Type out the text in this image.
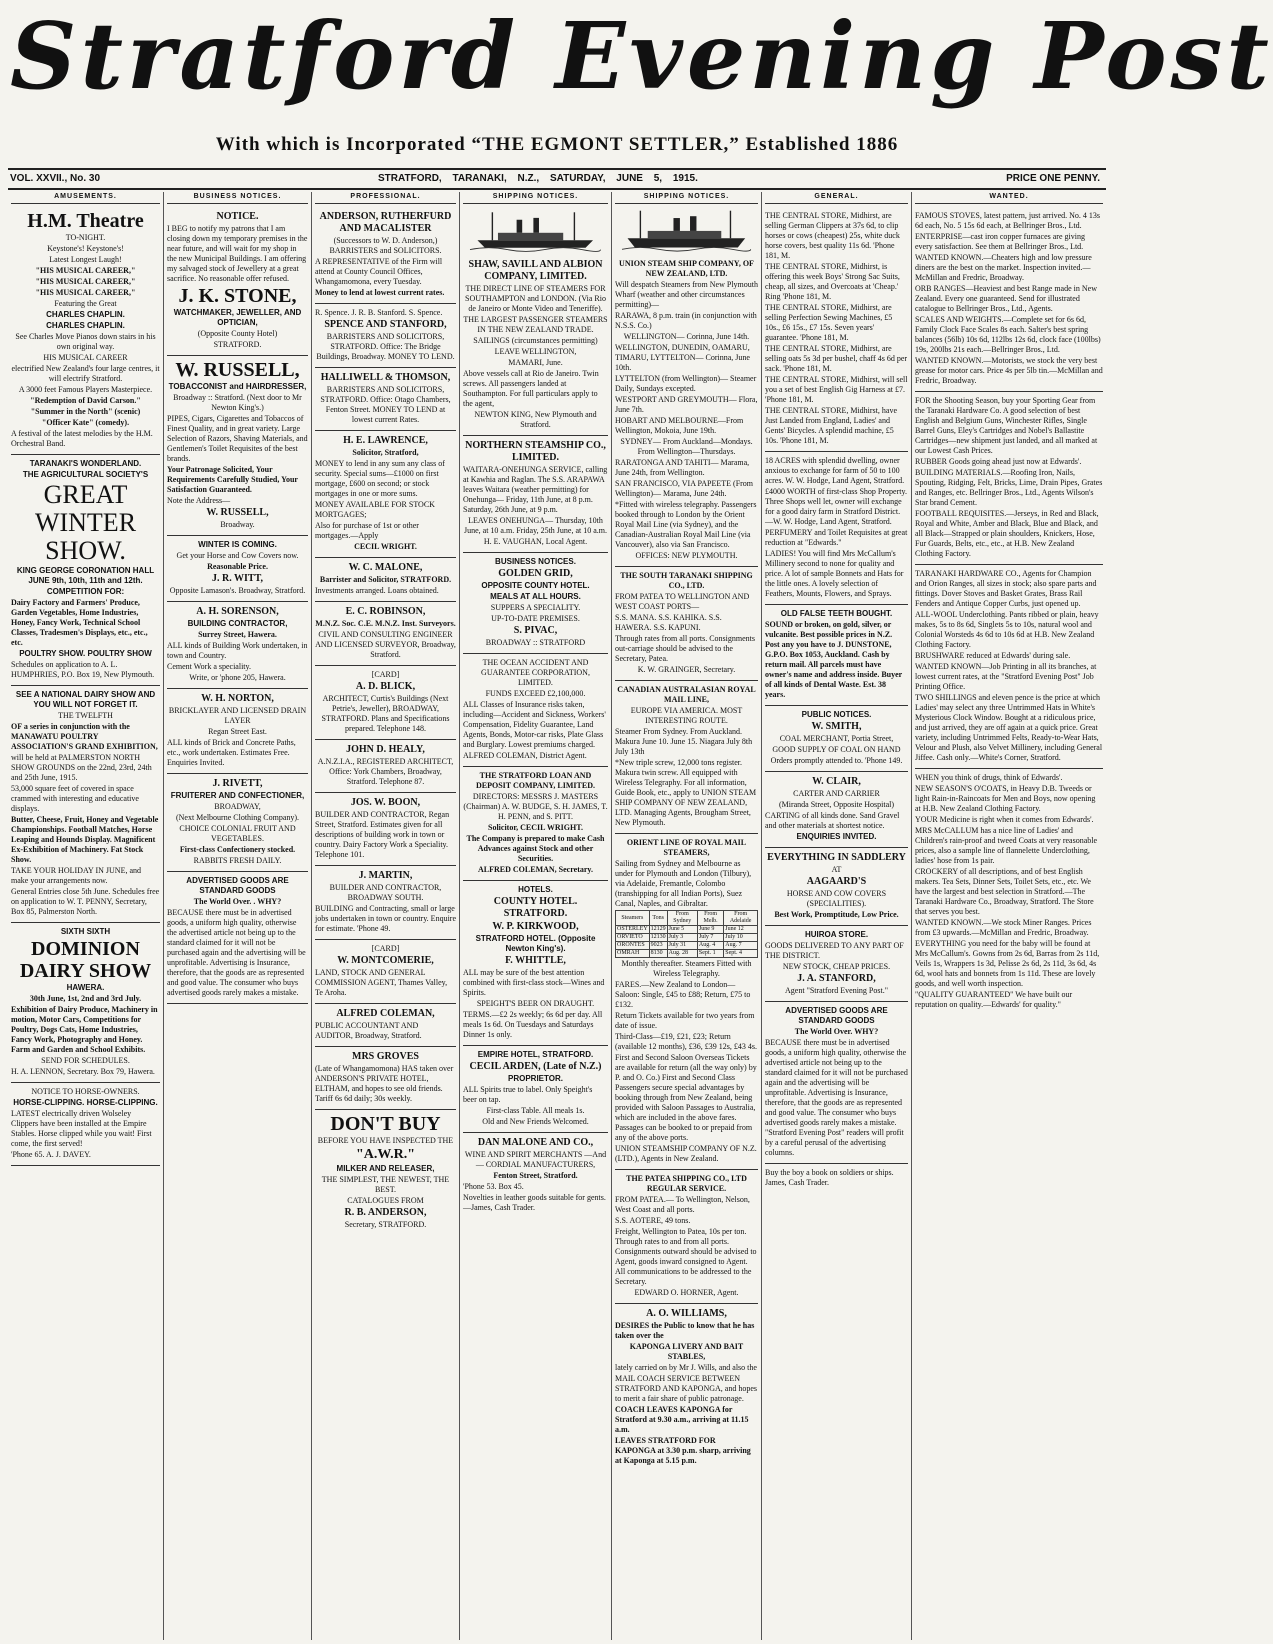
Stratford Evening Post
With which is Incorporated “THE EGMONT SETTLER,” Established 1886
VOL. XXVII., No. 30	STRATFORD, TARANAKI, N.Z., SATURDAY, JUNE 5, 1915.	PRICE ONE PENNY.
AMUSEMENTS.
H.M. Theatre

TO-NIGHT.

Keystone's! Keystone's!

Latest Longest Laugh!

"HIS MUSICAL CAREER,"

"HIS MUSICAL CAREER,"

"HIS MUSICAL CAREER,"

Featuring the Great

CHARLES CHAPLIN.

CHARLES CHAPLIN.

See Charles Move Pianos down stairs in his own original way.

HIS MUSICAL CAREER

electrified New Zealand's four large centres, it will electrify Stratford.

A 3000 feet Famous Players Masterpiece.

"Redemption of David Carson."

"Summer in the North" (scenic)

"Officer Kate" (comedy).

A festival of the latest melodies by the H.M. Orchestral Band.

TARANAKI'S WONDERLAND.

THE AGRICULTURAL SOCIETY'S

GREAT WINTER SHOW.

KING GEORGE CORONATION HALL JUNE 9th, 10th, 11th and 12th.

COMPETITION FOR:

Dairy Factory and Farmers' Produce, Garden Vegetables, Home Industries, Honey, Fancy Work, Technical School Classes, Tradesmen's Displays, etc., etc., etc.

POULTRY SHOW. POULTRY SHOW

Schedules on application to A. L. HUMPHRIES, P.O. Box 19, New Plymouth.

SEE A NATIONAL DAIRY SHOW AND YOU WILL NOT FORGET IT.

THE TWELFTH

OF a series in conjunction with the MANAWATU POULTRY ASSOCIATION'S GRAND EXHIBITION,

will be held at PALMERSTON NORTH SHOW GROUNDS on the 22nd, 23rd, 24th and 25th June, 1915.

53,000 square feet of covered in space crammed with interesting and educative displays.

Butter, Cheese, Fruit, Honey and Vegetable Championships. Football Matches, Horse Leaping and Hounds Display. Magnificent Ex-Exhibition of Machinery. Fat Stock Show.

TAKE YOUR HOLIDAY IN JUNE, and make your arrangements now.

General Entries close 5th June. Schedules free on application to W. T. PENNY, Secretary, Box 85, Palmerston North.

SIXTH SIXTH

DOMINION DAIRY SHOW

HAWERA.

30th June, 1st, 2nd and 3rd July.

Exhibition of Dairy Produce, Machinery in motion, Motor Cars, Competitions for Poultry, Dogs Cats, Home Industries, Fancy Work, Photography and Honey. Farm and Garden and School Exhibits.

SEND FOR SCHEDULES.

H. A. LENNON, Secretary. Box 79, Hawera.

NOTICE TO HORSE-OWNERS.

HORSE-CLIPPING. HORSE-CLIPPING.

LATEST electrically driven Wolseley Clippers have been installed at the Empire Stables. Horse clipped while you wait! First come, the first served!

'Phone 65. A. J. DAVEY.

BUSINESS NOTICES.

NOTICE.

I BEG to notify my patrons that I am closing down my temporary premises in the near future, and will wait for my shop in the new Municipal Buildings. I am offering my salvaged stock of Jewellery at a great sacrifice. No reasonable offer refused.

J. K. STONE,

WATCHMAKER, JEWELLER, AND OPTICIAN,

(Opposite County Hotel)

STRATFORD.

W. RUSSELL,

TOBACCONIST and HAIRDRESSER,

Broadway :: Stratford. (Next door to Mr Newton King's.)

PIPES, Cigars, Cigarettes and Tobaccos of Finest Quality, and in great variety. Large Selection of Razors, Shaving Materials, and Gentlemen's Toilet Requisites of the best brands.

Your Patronage Solicited, Your Requirements Carefully Studied, Your Satisfaction Guaranteed.

Note the Address—

W. RUSSELL,

Broadway.

WINTER IS COMING.

Get your Horse and Cow Covers now.

Reasonable Price.

J. R. WITT,

Opposite Lamason's. Broadway, Stratford.

A. H. SORENSON,

BUILDING CONTRACTOR,

Surrey Street, Hawera.

ALL kinds of Building Work undertaken, in town and Country.

Cement Work a speciality.

Write, or 'phone 205, Hawera.

W. H. NORTON,

BRICKLAYER AND LICENSED DRAIN LAYER

Regan Street East.

ALL kinds of Brick and Concrete Paths, etc., work undertaken. Estimates Free. Enquiries Invited.

J. RIVETT,

FRUITERER AND CONFECTIONER,

BROADWAY,

(Next Melbourne Clothing Company).

CHOICE COLONIAL FRUIT AND VEGETABLES.

First-class Confectionery stocked.

RABBITS FRESH DAILY.

ADVERTISED GOODS ARE STANDARD GOODS

The World Over. . WHY?

BECAUSE there must be in advertised goods, a uniform high quality, otherwise the advertised article not being up to the standard claimed for it will not be purchased again and the advertising will be unprofitable. Advertising is Insurance, therefore, that the goods are as represented and good value. The consumer who buys advertised goods rarely makes a mistake.

PROFESSIONAL.

ANDERSON, RUTHERFURD AND MACALISTER

(Successors to W. D. Anderson,) BARRISTERS and SOLICITORS.

A REPRESENTATIVE of the Firm will attend at County Council Offices, Whangamomona, every Tuesday.

Money to lend at lowest current rates.

R. Spence. J. R. B. Stanford. S. Spence.

SPENCE AND STANFORD,

BARRISTERS AND SOLICITORS, STRATFORD. Office: The Bridge Buildings, Broadway. MONEY TO LEND.

HALLIWELL & THOMSON,

BARRISTERS AND SOLICITORS, STRATFORD. Office: Otago Chambers, Fenton Street. MONEY TO LEND at lowest current Rates.

H. E. LAWRENCE,

Solicitor, Stratford,

MONEY to lend in any sum any class of security. Special sums—£1000 on first mortgage, £600 on second; or stock mortgages in one or more sums.

MONEY AVAILABLE FOR STOCK MORTGAGES;

Also for purchase of 1st or other mortgages.—Apply

CECIL WRIGHT.

W. C. MALONE,

Barrister and Solicitor, STRATFORD.

Investments arranged. Loans obtained.

E. C. ROBINSON,

M.N.Z. Soc. C.E. M.N.Z. Inst. Surveyors.

CIVIL AND CONSULTING ENGINEER AND LICENSED SURVEYOR, Broadway, Stratford.

[CARD]

A. D. BLICK,

ARCHITECT, Curtis's Buildings (Next Petrie's, Jeweller), BROADWAY, STRATFORD. Plans and Specifications prepared. Telephone 148.

JOHN D. HEALY,

A.N.Z.I.A., REGISTERED ARCHITECT, Office: York Chambers, Broadway, Stratford. Telephone 87.

JOS. W. BOON,

BUILDER AND CONTRACTOR, Regan Street, Stratford. Estimates given for all descriptions of building work in town or country. Dairy Factory Work a Speciality. Telephone 101.

J. MARTIN,

BUILDER AND CONTRACTOR, BROADWAY SOUTH.

BUILDING and Contracting, small or large jobs undertaken in town or country. Enquire for estimate. 'Phone 49.

[CARD]

W. MONTCOMERIE,

LAND, STOCK AND GENERAL COMMISSION AGENT, Thames Valley, Te Aroha.

ALFRED COLEMAN,

PUBLIC ACCOUNTANT AND AUDITOR, Broadway, Stratford.

MRS GROVES

(Late of Whangamomona) HAS taken over ANDERSON'S PRIVATE HOTEL, ELTHAM, and hopes to see old friends. Tariff 6s 6d daily; 30s weekly.

DON'T BUY

BEFORE YOU HAVE INSPECTED THE

"A.W.R."

MILKER AND RELEASER,

THE SIMPLEST, THE NEWEST, THE BEST.

CATALOGUES FROM

R. B. ANDERSON,

Secretary, STRATFORD.

SHIPPING NOTICES.

SHAW, SAVILL AND ALBION COMPANY, LIMITED.

THE DIRECT LINE OF STEAMERS FOR SOUTHAMPTON and LONDON. (Via Rio de Janeiro or Monte Video and Teneriffe).

THE LARGEST PASSENGER STEAMERS IN THE NEW ZEALAND TRADE.

SAILINGS (circumstances permitting)

LEAVE WELLINGTON,

MAMARI, June.

Above vessels call at Rio de Janeiro. Twin screws. All passengers landed at Southampton. For full particulars apply to the agent,

NEWTON KING, New Plymouth and Stratford.

NORTHERN STEAMSHIP CO., LIMITED.

WAITARA-ONEHUNGA SERVICE, calling at Kawhia and Raglan. The S.S. ARAPAWA leaves Waitara (weather permitting) for Onehunga— Friday, 11th June, at 8 p.m. Saturday, 26th June, at 9 p.m.

LEAVES ONEHUNGA— Thursday, 10th June, at 10 a.m. Friday, 25th June, at 10 a.m.

H. E. VAUGHAN, Local Agent.

BUSINESS NOTICES.

GOLDEN GRID,

OPPOSITE COUNTY HOTEL.

MEALS AT ALL HOURS.

SUPPERS A SPECIALITY.

UP-TO-DATE PREMISES.

S. PIVAC,

BROADWAY :: STRATFORD

THE OCEAN ACCIDENT AND GUARANTEE CORPORATION, LIMITED.

FUNDS EXCEED £2,100,000.

ALL Classes of Insurance risks taken, including—Accident and Sickness, Workers' Compensation, Fidelity Guarantee, Land Agents, Bonds, Motor-car risks, Plate Glass and Burglary. Lowest premiums charged.

ALFRED COLEMAN, District Agent.

THE STRATFORD LOAN AND DEPOSIT COMPANY, LIMITED.

DIRECTORS: MESSRS J. MASTERS (Chairman) A. W. BUDGE, S. H. JAMES, T. H. PENN, and S. PITT.

Solicitor, CECIL WRIGHT.

The Company is prepared to make Cash Advances against Stock and other Securities.

ALFRED COLEMAN, Secretary.

HOTELS.

COUNTY HOTEL. STRATFORD.

W. P. KIRKWOOD,

STRATFORD HOTEL. (Opposite Newton King's).

F. WHITTLE,

ALL may be sure of the best attention combined with first-class stock—Wines and Spirits.

SPEIGHT'S BEER ON DRAUGHT.

TERMS.—£2 2s weekly; 6s 6d per day. All meals 1s 6d. On Tuesdays and Saturdays Dinner 1s only.

EMPIRE HOTEL, STRATFORD.

CECIL ARDEN, (Late of N.Z.)

PROPRIETOR.

ALL Spirits true to label. Only Speight's beer on tap.

First-class Table. All meals 1s.

Old and New Friends Welcomed.

DAN MALONE AND CO.,

WINE AND SPIRIT MERCHANTS —And— CORDIAL MANUFACTURERS,

Fenton Street, Stratford.

'Phone 53. Box 45.

Novelties in leather goods suitable for gents.—James, Cash Trader.

SHIPPING NOTICES.

UNION STEAM SHIP COMPANY, OF NEW ZEALAND, LTD.

Will despatch Steamers from New Plymouth Wharf (weather and other circumstances permitting)—

RARAWA, 8 p.m. train (in conjunction with N.S.S. Co.)

WELLINGTON— Corinna, June 14th.

WELLINGTON, DUNEDIN, OAMARU, TIMARU, LYTTELTON— Corinna, June 10th.

LYTTELTON (from Wellington)— Steamer Daily, Sundays excepted.

WESTPORT AND GREYMOUTH— Flora, June 7th.

HOBART AND MELBOURNE—From Wellington, Mokoia, June 19th.

SYDNEY— From Auckland—Mondays. From Wellington—Thursdays.

RARATONGA AND TAHITI— Marama, June 24th, from Wellington.

SAN FRANCISCO, VIA PAPEETE (From Wellington)— Marama, June 24th.

*Fitted with wireless telegraphy. Passengers booked through to London by the Orient Royal Mail Line (via Sydney), and the Canadian-Australian Royal Mail Line (via Vancouver), also via San Francisco.

OFFICES: NEW PLYMOUTH.

THE SOUTH TARANAKI SHIPPING CO., LTD.

FROM PATEA TO WELLINGTON AND WEST COAST PORTS—

S.S. MANA. S.S. KAHIKA. S.S. HAWERA. S.S. KAPUNI.

Through rates from all ports. Consignments out-carriage should be advised to the Secretary, Patea.

K. W. GRAINGER, Secretary.

CANADIAN AUSTRALASIAN ROYAL MAIL LINE,

EUROPE VIA AMERICA. MOST INTERESTING ROUTE.

Steamer From Sydney. From Auckland. Makura June 10. June 15. Niagara July 8th July 13th

*New triple screw, 12,000 tons register. Makura twin screw. All equipped with Wireless Telegraphy. For all information, Guide Book, etc., apply to UNION STEAM SHIP COMPANY OF NEW ZEALAND, LTD. Managing Agents, Brougham Street, New Plymouth.

ORIENT LINE OF ROYAL MAIL STEAMERS,

Sailing from Sydney and Melbourne as under for Plymouth and London (Tilbury), via Adelaide, Fremantle, Colombo (transhipping for all Indian Ports), Suez Canal, Naples, and Gibraltar.

Steamers	Tons	From Sydney	From Melb.	From Adelaide
OSTERLEY	12129	June 5	June 9	June 12
ORVIETO	12130	July 3	July 7	July 10
ORONTES	9023	July 31	Aug. 4	Aug. 7
OMRAH	8130	Aug. 28	Sept. 1	Sept. 4

Monthly thereafter. Steamers Fitted with Wireless Telegraphy.

FARES.—New Zealand to London— Saloon: Single, £45 to £88; Return, £75 to £132.

Return Tickets available for two years from date of issue.

Third-Class—£19, £21, £23; Return (available 12 months), £36, £39 12s, £43 4s.

First and Second Saloon Overseas Tickets are available for return (all the way only) by P. and O. Co.) First and Second Class Passengers secure special advantages by booking through from New Zealand, being provided with Saloon Passages to Australia, which are included in the above fares. Passages can be booked to or prepaid from any of the above ports.

UNION STEAMSHIP COMPANY OF N.Z. (LTD.), Agents in New Zealand.

THE PATEA SHIPPING CO., LTD REGULAR SERVICE.

FROM PATEA.— To Wellington, Nelson, West Coast and all ports.

S.S. AOTERE, 49 tons.

Freight, Wellington to Patea, 10s per ton. Through rates to and from all ports. Consignments outward should be advised to Agent, goods inward consigned to Agent. All communications to be addressed to the Secretary.

EDWARD O. HORNER, Agent.

A. O. WILLIAMS,

DESIRES the Public to know that he has taken over the

KAPONGA LIVERY AND BAIT STABLES,

lately carried on by Mr J. Wills, and also the

MAIL COACH SERVICE BETWEEN STRATFORD AND KAPONGA, and hopes to merit a fair share of public patronage.

COACH LEAVES KAPONGA for Stratford at 9.30 a.m., arriving at 11.15 a.m.

LEAVES STRATFORD FOR KAPONGA at 3.30 p.m. sharp, arriving at Kaponga at 5.15 p.m.

GENERAL.

THE CENTRAL STORE, Midhirst, are selling German Clippers at 37s 6d, to clip horses or cows (cheapest) 25s, white duck horse covers, best quality 11s 6d. 'Phone 181, M.

THE CENTRAL STORE, Midhirst, is offering this week Boys' Strong Sac Suits, cheap, all sizes, and Overcoats at 'Cheap.' Ring 'Phone 181, M.

THE CENTRAL STORE, Midhirst, are selling Perfection Sewing Machines, £5 10s., £6 15s., £7 15s. Seven years' guarantee. 'Phone 181, M.

THE CENTRAL STORE, Midhirst, are selling oats 5s 3d per bushel, chaff 4s 6d per sack. 'Phone 181, M.

THE CENTRAL STORE, Midhirst, will sell you a set of best English Gig Harness at £7. 'Phone 181, M.

THE CENTRAL STORE, Midhirst, have Just Landed from England, Ladies' and Gents' Bicycles. A splendid machine, £5 10s. 'Phone 181, M.

18 ACRES with splendid dwelling, owner anxious to exchange for farm of 50 to 100 acres. W. W. Hodge, Land Agent, Stratford.

£4000 WORTH of first-class Shop Property. Three Shops well let, owner will exchange for a good dairy farm in Stratford District.—W. W. Hodge, Land Agent, Stratford.

PERFUMERY and Toilet Requisites at great reduction at "Edwards."

LADIES! You will find Mrs McCallum's Millinery second to none for quality and price. A lot of sample Bonnets and Hats for the little ones. A lovely selection of Feathers, Mounts, Flowers, and Sprays.

OLD FALSE TEETH BOUGHT.

SOUND or broken, on gold, silver, or vulcanite. Best possible prices in N.Z. Post any you have to J. DUNSTONE, G.P.O. Box 1053, Auckland. Cash by return mail. All parcels must have owner's name and address inside. Buyer of all kinds of Dental Waste. Est. 38 years.

PUBLIC NOTICES.

W. SMITH,

COAL MERCHANT, Portia Street,

GOOD SUPPLY OF COAL ON HAND

Orders promptly attended to. 'Phone 149.

W. CLAIR,

CARTER AND CARRIER

(Miranda Street, Opposite Hospital)

CARTING of all kinds done. Sand Gravel and other materials at shortest notice.

ENQUIRIES INVITED.

EVERYTHING IN SADDLERY

AT

AAGAARD'S

HORSE AND COW COVERS (SPECIALITIES).

Best Work, Promptitude, Low Price.

HUIROA STORE.

GOODS DELIVERED TO ANY PART OF THE DISTRICT.

NEW STOCK, CHEAP PRICES.

J. A. STANFORD,

Agent "Stratford Evening Post."

ADVERTISED GOODS ARE STANDARD GOODS

The World Over. WHY?

BECAUSE there must be in advertised goods, a uniform high quality, otherwise the advertised article not being up to the standard claimed for it will not be purchased again and the advertising will be unprofitable. Advertising is Insurance, therefore, that the goods are as represented and good value. The consumer who buys advertised goods rarely makes a mistake. "Stratford Evening Post" readers will profit by a careful perusal of the advertising columns.

Buy the boy a book on soldiers or ships. James, Cash Trader.

WANTED.

FAMOUS STOVES, latest pattern, just arrived. No. 4 13s 6d each, No. 5 15s 6d each, at Bellringer Bros., Ltd.

ENTERPRISE—cast iron copper furnaces are giving every satisfaction. See them at Bellringer Bros., Ltd.

WANTED KNOWN.—Cheaters high and low pressure diners are the best on the market. Inspection invited.—McMillan and Fredric, Broadway.

ORB RANGES—Heaviest and best Range made in New Zealand. Every one guaranteed. Send for illustrated catalogue to Bellringer Bros., Ltd., Agents.

SCALES AND WEIGHTS.—Complete set for 6s 6d, Family Clock Face Scales 8s each. Salter's best spring balances (56lb) 10s 6d, 112lbs 12s 6d, clock face (100lbs) 19s, 200lbs 21s each.—Bellringer Bros., Ltd.

WANTED KNOWN.—Motorists, we stock the very best grease for motor cars. Price 4s per 5lb tin.—McMillan and Fredric, Broadway.

FOR the Shooting Season, buy your Sporting Gear from the Taranaki Hardware Co. A good selection of best English and Belgium Guns, Winchester Rifles, Single Barrel Guns, Eley's Cartridges and Nobel's Ballastite Cartridges—new shipment just landed, and all marked at our Lowest Cash Prices.

RUBBER Goods going ahead just now at Edwards'.

BUILDING MATERIALS.—Roofing Iron, Nails, Spouting, Ridging, Felt, Bricks, Lime, Drain Pipes, Grates and Ranges, etc. Bellringer Bros., Ltd., Agents Wilson's Star brand Cement.

FOOTBALL REQUISITES.—Jerseys, in Red and Black, Royal and White, Amber and Black, Blue and Black, and all Black—Strapped or plain shoulders, Knickers, Hose, Fur Guards, Belts, etc., etc., at H.B. New Zealand Clothing Factory.

TARANAKI HARDWARE CO., Agents for Champion and Orion Ranges, all sizes in stock; also spare parts and fittings. Dover Stoves and Basket Grates, Brass Rail Fenders and Antique Copper Curbs, just opened up.

ALL-WOOL Underclothing. Pants ribbed or plain, heavy makes, 5s to 8s 6d, Singlets 5s to 10s, natural wool and Colonial Worsteds 4s 6d to 10s 6d at H.B. New Zealand Clothing Factory.

BRUSHWARE reduced at Edwards' during sale.

WANTED KNOWN—Job Printing in all its branches, at lowest current rates, at the "Stratford Evening Post" Job Printing Office.

TWO SHILLINGS and eleven pence is the price at which Ladies' may select any three Untrimmed Hats in White's Mysterious Clock Window. Bought at a ridiculous price, and just arrived, they are off again at a quick price. Great variety, including Untrimmed Felts, Ready-to-Wear Hats, Velour and Plush, also Velvet Millinery, including General Jiffee. Cash only.—White's Corner, Stratford.

WHEN you think of drugs, think of Edwards'.

NEW SEASON'S O'COATS, in Heavy D.B. Tweeds or light Rain-in-Raincoats for Men and Boys, now opening at H.B. New Zealand Clothing Factory.

YOUR Medicine is right when it comes from Edwards'.

MRS McCALLUM has a nice line of Ladies' and Children's rain-proof and tweed Coats at very reasonable prices, also a sample line of flannelette Underclothing, ladies' hose from 1s pair.

CROCKERY of all descriptions, and of best English makers. Tea Sets, Dinner Sets, Toilet Sets, etc., etc. We have the largest and best selection in Stratford.—The Taranaki Hardware Co., Broadway, Stratford. The Store that serves you best.

WANTED KNOWN.—We stock Miner Ranges. Prices from £3 upwards.—McMillan and Fredric, Broadway.

EVERYTHING you need for the baby will be found at Mrs McCallum's. Gowns from 2s 6d, Barras from 2s 11d, Veils 1s, Wrappers 1s 3d, Pelisse 2s 6d, 2s 11d, 3s 6d, 4s 6d, wool hats and bonnets from 1s 11d. These are lovely goods, and well worth inspection.

"QUALITY GUARANTEED" We have built our reputation on quality.—Edwards' for quality."
